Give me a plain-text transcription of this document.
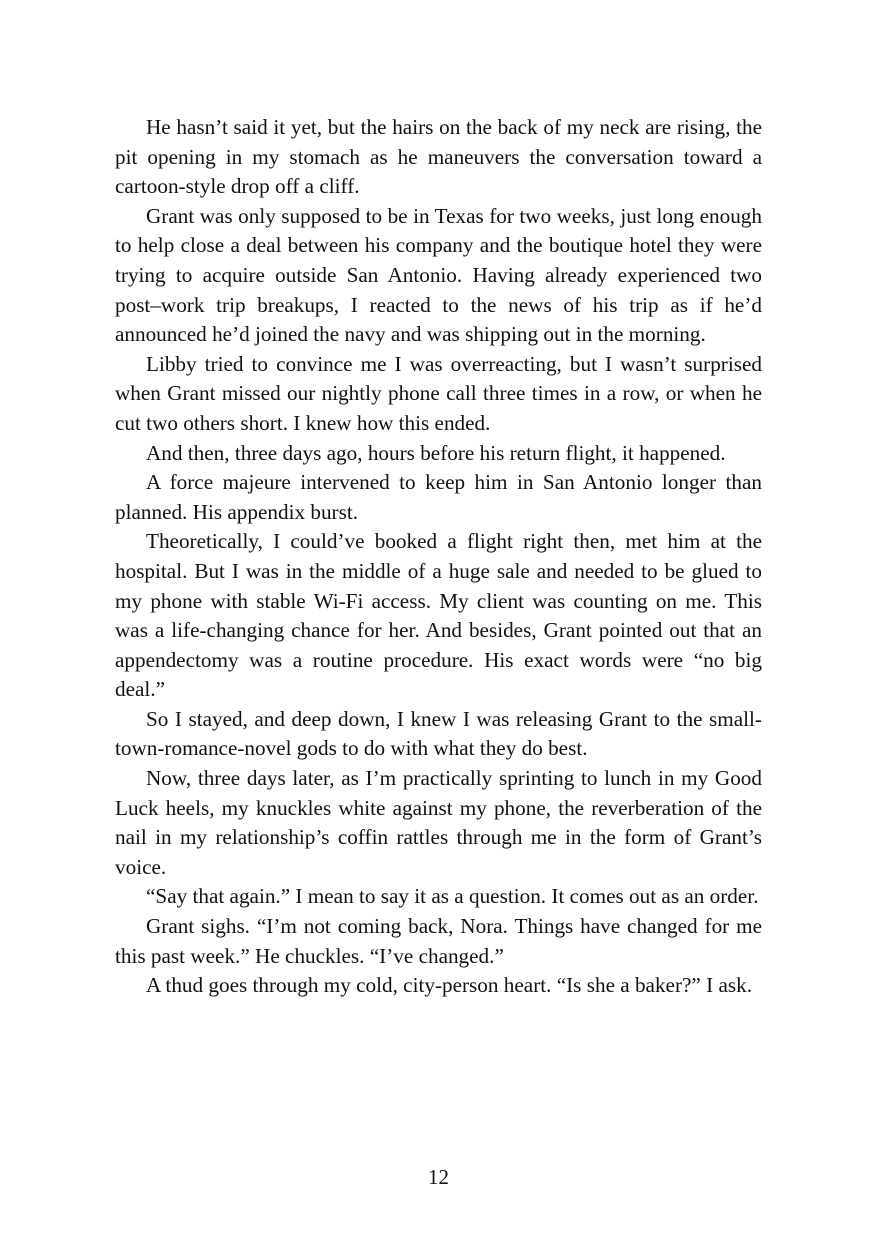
He hasn’t said it yet, but the hairs on the back of my neck are rising, the pit opening in my stomach as he maneuvers the conversation toward a cartoon-style drop off a cliff.

Grant was only supposed to be in Texas for two weeks, just long enough to help close a deal between his company and the boutique hotel they were trying to acquire outside San Antonio. Having already experienced two post–work trip breakups, I reacted to the news of his trip as if he’d announced he’d joined the navy and was shipping out in the morning.

Libby tried to convince me I was overreacting, but I wasn’t surprised when Grant missed our nightly phone call three times in a row, or when he cut two others short. I knew how this ended.

And then, three days ago, hours before his return flight, it happened.

A force majeure intervened to keep him in San Antonio longer than planned. His appendix burst.

Theoretically, I could’ve booked a flight right then, met him at the hospital. But I was in the middle of a huge sale and needed to be glued to my phone with stable Wi-Fi access. My client was counting on me. This was a life-changing chance for her. And besides, Grant pointed out that an appendectomy was a routine procedure. His exact words were “no big deal.”

So I stayed, and deep down, I knew I was releasing Grant to the small-town-romance-novel gods to do with what they do best.

Now, three days later, as I’m practically sprinting to lunch in my Good Luck heels, my knuckles white against my phone, the reverberation of the nail in my relationship’s coffin rattles through me in the form of Grant’s voice.

“Say that again.” I mean to say it as a question. It comes out as an order.

Grant sighs. “I’m not coming back, Nora. Things have changed for me this past week.” He chuckles. “I’ve changed.”

A thud goes through my cold, city-person heart. “Is she a baker?” I ask.

12
